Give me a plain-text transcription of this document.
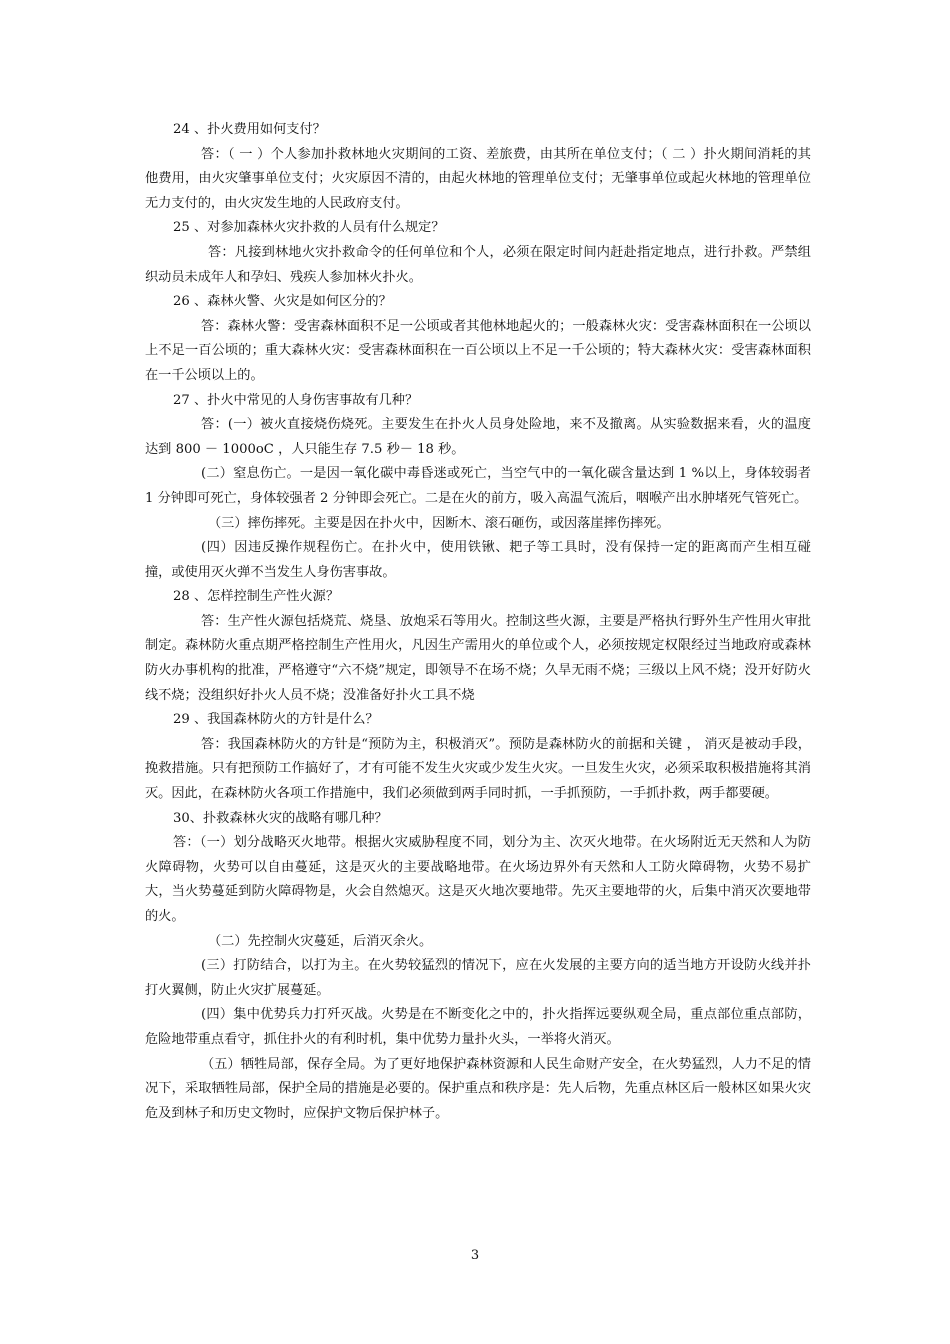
24 、扑火费用如何支付？

答：（ 一 ）个人参加扑救林地火灾期间的工资、差旅费，由其所在单位支付；（ 二 ）扑火期间消耗的其他费用，由火灾肇事单位支付；火灾原因不清的，由起火林地的管理单位支付；无肇事单位或起火林地的管理单位无力支付的，由火灾发生地的人民政府支付。

25 、对参加森林火灾扑救的人员有什么规定？

答：凡接到林地火灾扑救命令的任何单位和个人，必须在限定时间内赶赴指定地点，进行扑救。严禁组织动员未成年人和孕妇、残疾人参加林火扑火。

26 、森林火警、火灾是如何区分的？

答：森林火警：受害森林面积不足一公顷或者其他林地起火的；一般森林火灾：受害森林面积在一公顷以上不足一百公顷的；重大森林火灾：受害森林面积在一百公顷以上不足一千公顷的；特大森林火灾：受害森林面积在一千公顷以上的。

27 、扑火中常见的人身伤害事故有几种？

答：(一）被火直接烧伤烧死。主要发生在扑火人员身处险地，来不及撤离。从实验数据来看，火的温度达到 800 － 1000oC ，人只能生存 7.5 秒－ 18 秒。

(二）窒息伤亡。一是因一氧化碳中毒昏迷或死亡，当空气中的一氧化碳含量达到 1 %以上，身体较弱者 1 分钟即可死亡，身体较强者 2 分钟即会死亡。二是在火的前方，吸入高温气流后，咽喉产出水肿堵死气管死亡。

（三）摔伤摔死。主要是因在扑火中，因断木、滚石砸伤，或因落崖摔伤摔死。

(四）因违反操作规程伤亡。在扑火中，使用铁锹、耙子等工具时，没有保持一定的距离而产生相互碰撞，或使用灭火弹不当发生人身伤害事故。

28 、怎样控制生产性火源？

答：生产性火源包括烧荒、烧垦、放炮采石等用火。控制这些火源，主要是严格执行野外生产性用火审批制定。森林防火重点期严格控制生产性用火，凡因生产需用火的单位或个人，必须按规定权限经过当地政府或森林防火办事机构的批准，严格遵守“六不烧”规定，即领导不在场不烧；久旱无雨不烧；三级以上风不烧；没开好防火线不烧；没组织好扑火人员不烧；没准备好扑火工具不烧

29 、我国森林防火的方针是什么？

答：我国森林防火的方针是“预防为主，积极消灭”。预防是森林防火的前据和关键 ， 消灭是被动手段，挽救措施。只有把预防工作搞好了，才有可能不发生火灾或少发生火灾。一旦发生火灾，必须采取积极措施将其消灭。因此，在森林防火各项工作措施中，我们必须做到两手同时抓，一手抓预防，一手抓扑救，两手都要硬。

30、扑救森林火灾的战略有哪几种？

答：（一）划分战略灭火地带。根据火灾威胁程度不同，划分为主、次灭火地带。在火场附近无天然和人为防火障碍物，火势可以自由蔓延，这是灭火的主要战略地带。在火场边界外有天然和人工防火障碍物，火势不易扩大，当火势蔓延到防火障碍物是，火会自然熄灭。这是灭火地次要地带。先灭主要地带的火，后集中消灭次要地带的火。

（二）先控制火灾蔓延，后消灭余火。

(三）打防结合，以打为主。在火势较猛烈的情况下，应在火发展的主要方向的适当地方开设防火线并扑打火翼侧，防止火灾扩展蔓延。

(四）集中优势兵力打歼灭战。火势是在不断变化之中的，扑火指挥远要纵观全局，重点部位重点部防，危险地带重点看守，抓住扑火的有利时机，集中优势力量扑火头，一举将火消灭。

（五）牺牲局部，保存全局。为了更好地保护森林资源和人民生命财产安全，在火势猛烈，人力不足的情况下，采取牺牲局部，保护全局的措施是必要的。保护重点和秩序是：先人后物，先重点林区后一般林区如果火灾危及到林子和历史文物时，应保护文物后保护林子。

3
